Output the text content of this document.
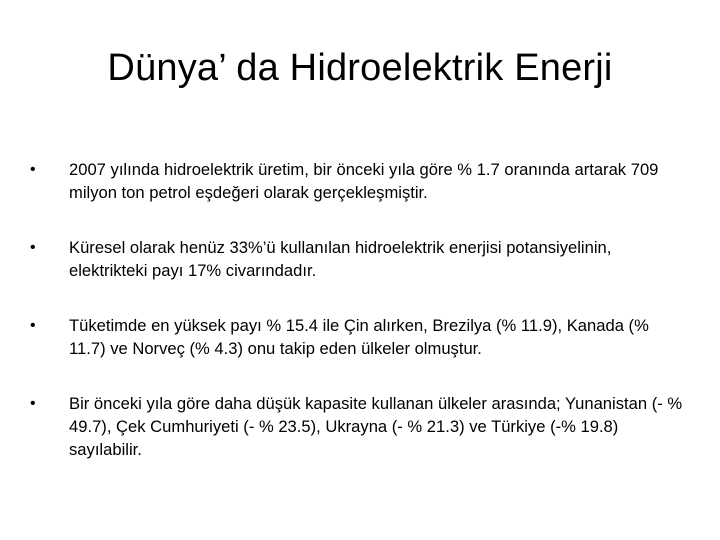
Dünya’ da Hidroelektrik Enerji

•	2007 yılında hidroelektrik üretim, bir önceki yıla göre % 1.7 oranında artarak 709 milyon ton petrol eşdeğeri olarak gerçekleşmiştir.

•	Küresel olarak henüz 33%’ü kullanılan hidroelektrik enerjisi potansiyelinin, elektrikteki payı 17% civarındadır.

•	Tüketimde en yüksek payı % 15.4 ile Çin alırken, Brezilya (% 11.9), Kanada (% 11.7) ve Norveç (% 4.3) onu takip eden ülkeler olmuştur.

•	Bir önceki yıla göre daha düşük kapasite kullanan ülkeler arasında; Yunanistan (- % 49.7), Çek Cumhuriyeti (- % 23.5), Ukrayna (- % 21.3) ve Türkiye (-% 19.8) sayılabilir.
